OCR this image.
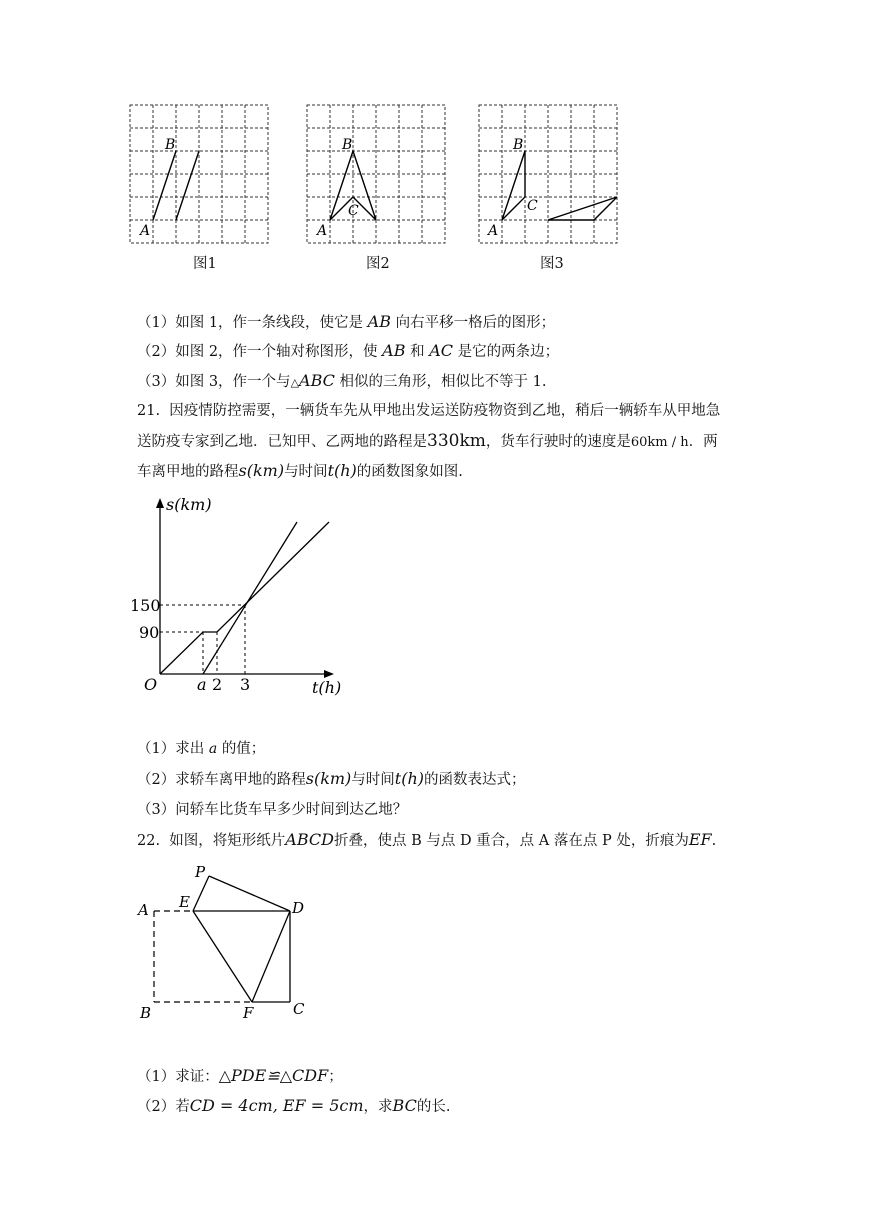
B
A
B
C
A
B
C
A
图1	图2	图3
（1）如图 1，作一条线段，使它是 AB 向右平移一格后的图形；
（2）如图 2，作一个轴对称图形，使 AB 和 AC 是它的两条边；
（3）如图 3，作一个与△ABC 相似的三角形，相似比不等于 1.
21. 因疫情防控需要，一辆货车先从甲地出发运送防疫物资到乙地，稍后一辆轿车从甲地急
送防疫专家到乙地．已知甲、乙两地的路程是330km，货车行驶时的速度是60km / h．两
车离甲地的路程s(km)与时间t(h)的函数图象如图.
s(km)
t(h)
O
150
90
a 2 3
（1）求出 a 的值；
（2）求轿车离甲地的路程s(km)与时间t(h)的函数表达式；
（3）问轿车比货车早多少时间到达乙地？
22. 如图，将矩形纸片ABCD折叠，使点 B 与点 D 重合，点 A 落在点 P 处，折痕为EF.
P
E
A	D
B	F	C
（1）求证：△PDE≌△CDF；
（2）若CD = 4cm, EF = 5cm，求BC的长.
